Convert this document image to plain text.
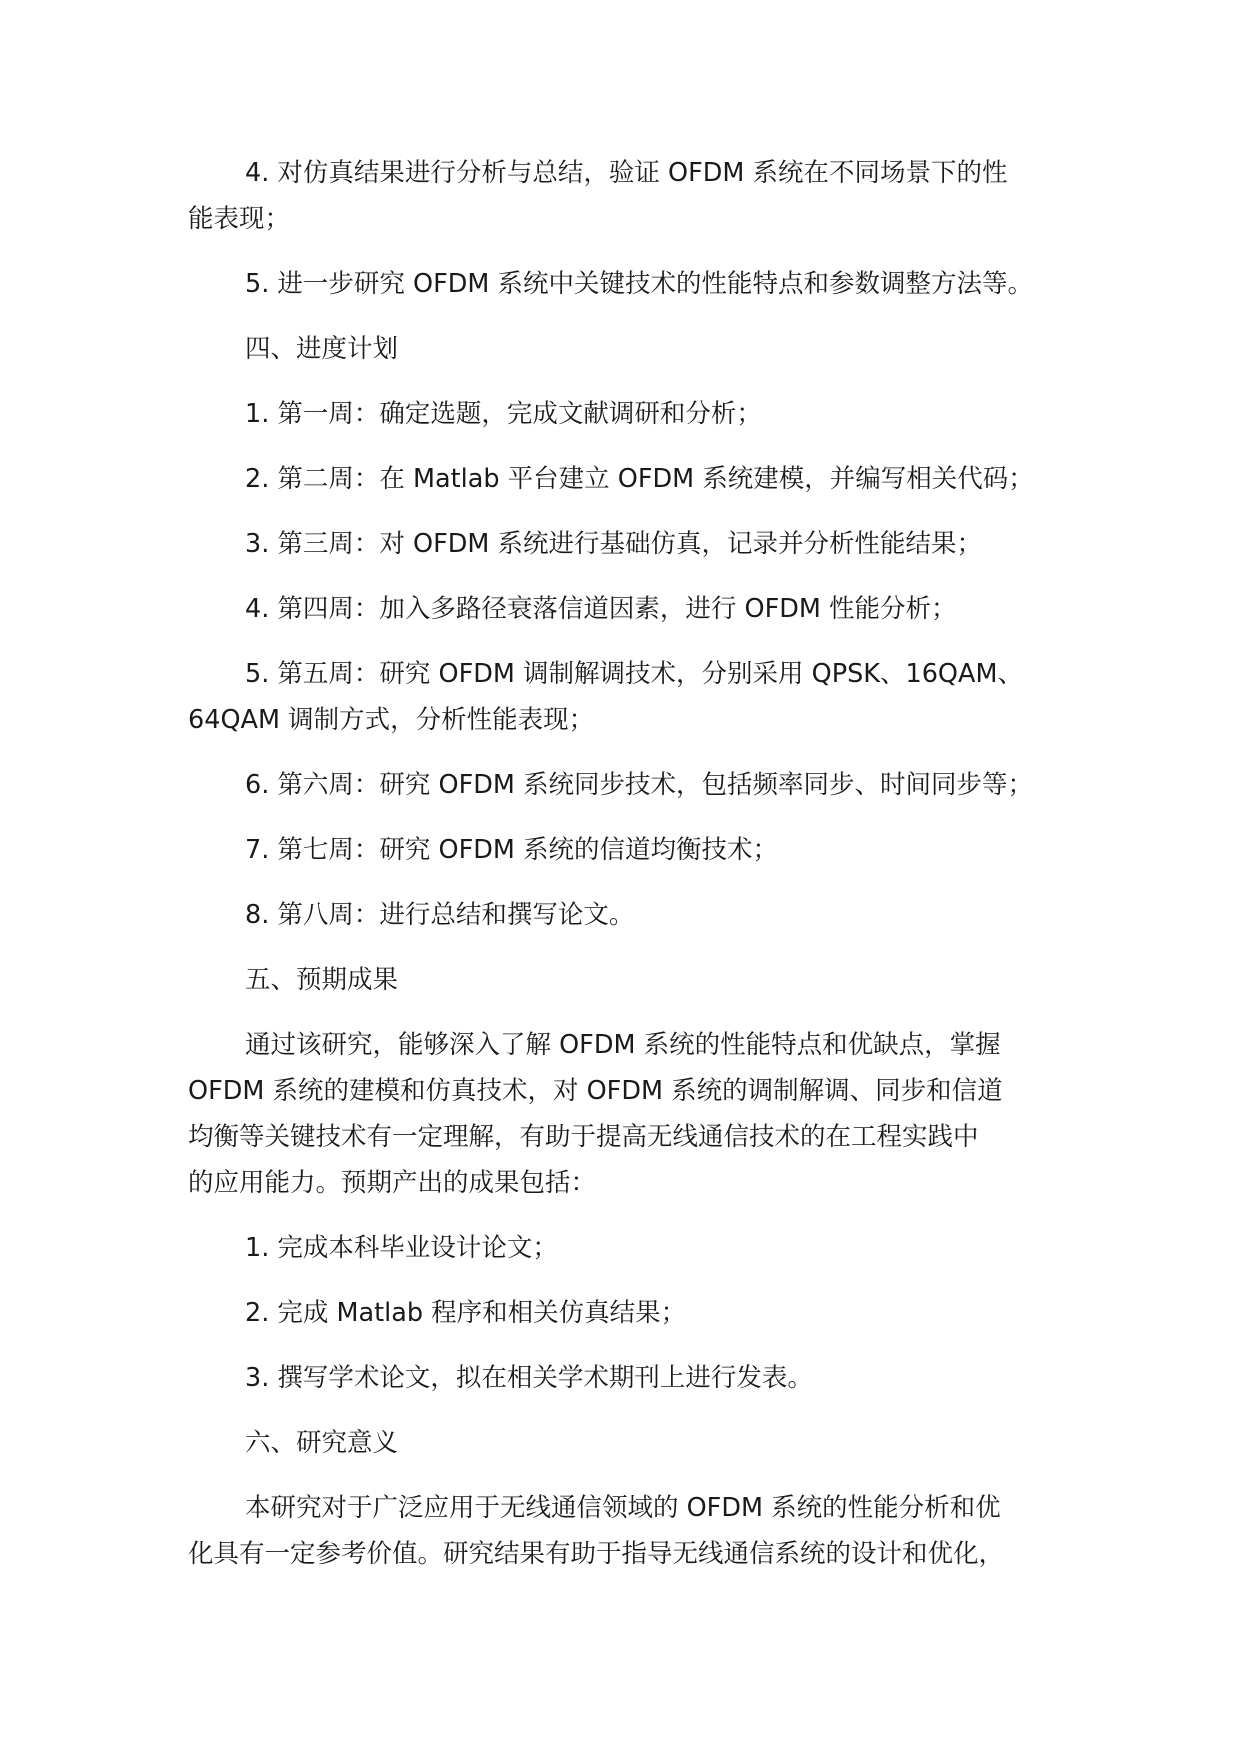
4. 对仿真结果进行分析与总结，验证 OFDM 系统在不同场景下的性
能表现；

5. 进一步研究 OFDM 系统中关键技术的性能特点和参数调整方法等。

四、进度计划

1. 第一周：确定选题，完成文献调研和分析；

2. 第二周：在 Matlab 平台建立 OFDM 系统建模，并编写相关代码；

3. 第三周：对 OFDM 系统进行基础仿真，记录并分析性能结果；

4. 第四周：加入多路径衰落信道因素，进行 OFDM 性能分析；

5. 第五周：研究 OFDM 调制解调技术，分别采用 QPSK、16QAM、
64QAM 调制方式，分析性能表现；

6. 第六周：研究 OFDM 系统同步技术，包括频率同步、时间同步等；

7. 第七周：研究 OFDM 系统的信道均衡技术；

8. 第八周：进行总结和撰写论文。

五、预期成果

通过该研究，能够深入了解 OFDM 系统的性能特点和优缺点，掌握
OFDM 系统的建模和仿真技术，对 OFDM 系统的调制解调、同步和信道
均衡等关键技术有一定理解，有助于提高无线通信技术的在工程实践中
的应用能力。预期产出的成果包括：

1. 完成本科毕业设计论文；

2. 完成 Matlab 程序和相关仿真结果；

3. 撰写学术论文，拟在相关学术期刊上进行发表。

六、研究意义

本研究对于广泛应用于无线通信领域的 OFDM 系统的性能分析和优
化具有一定参考价值。研究结果有助于指导无线通信系统的设计和优化，
